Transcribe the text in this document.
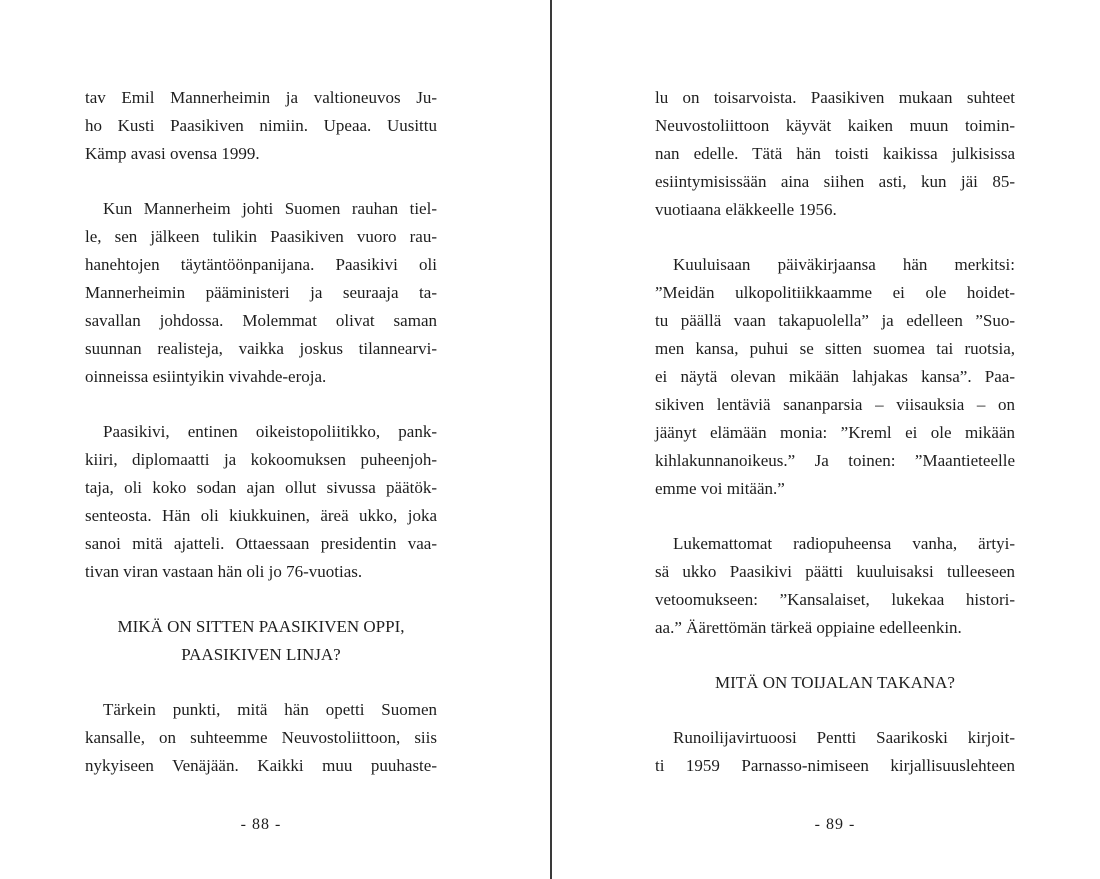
tav Emil Mannerheimin ja valtioneuvos Ju-
ho Kusti Paasikiven nimiin. Upeaa. Uusittu
Kämp avasi ovensa 1999.
Kun Mannerheim johti Suomen rauhan tiel-
le, sen jälkeen tulikin Paasikiven vuoro rau-
hanehtojen täytäntöönpanijana. Paasikivi oli
Mannerheimin pääministeri ja seuraaja ta-
savallan johdossa. Molemmat olivat saman
suunnan realisteja, vaikka joskus tilannearvi-
oinneissa esiintyikin vivahde-eroja.
Paasikivi, entinen oikeistopoliitikko, pank-
kiiri, diplomaatti ja kokoomuksen puheenjoh-
taja, oli koko sodan ajan ollut sivussa päätök-
senteosta. Hän oli kiukkuinen, äreä ukko, joka
sanoi mitä ajatteli. Ottaessaan presidentin vaa-
tivan viran vastaan hän oli jo 76-vuotias.
MIKÄ ON SITTEN PAASIKIVEN OPPI,
PAASIKIVEN LINJA?
Tärkein punkti, mitä hän opetti Suomen
kansalle, on suhteemme Neuvostoliittoon, siis
nykyiseen Venäjään. Kaikki muu puuhaste-
lu on toisarvoista. Paasikiven mukaan suhteet
Neuvostoliittoon käyvät kaiken muun toimin-
nan edelle. Tätä hän toisti kaikissa julkisissa
esiintymisissään aina siihen asti, kun jäi 85-
vuotiaana eläkkeelle 1956.
Kuuluisaan päiväkirjaansa hän merkitsi:
”Meidän ulkopolitiikkaamme ei ole hoidet-
tu päällä vaan takapuolella” ja edelleen ”Suo-
men kansa, puhui se sitten suomea tai ruotsia,
ei näytä olevan mikään lahjakas kansa”. Paa-
sikiven lentäviä sananparsia – viisauksia – on
jäänyt elämään monia: ”Kreml ei ole mikään
kihlakunnanoikeus.” Ja toinen: ”Maantieteelle
emme voi mitään.”
Lukemattomat radiopuheensa vanha, ärtyi-
sä ukko Paasikivi päätti kuuluisaksi tulleeseen
vetoomukseen: ”Kansalaiset, lukekaa histori-
aa.” Äärettömän tärkeä oppiaine edelleenkin.
MITÄ ON TOIJALAN TAKANA?
Runoilijavirtuoosi Pentti Saarikoski kirjoit-
ti 1959 Parnasso-nimiseen kirjallisuuslehteen
- 88 -	- 89 -
